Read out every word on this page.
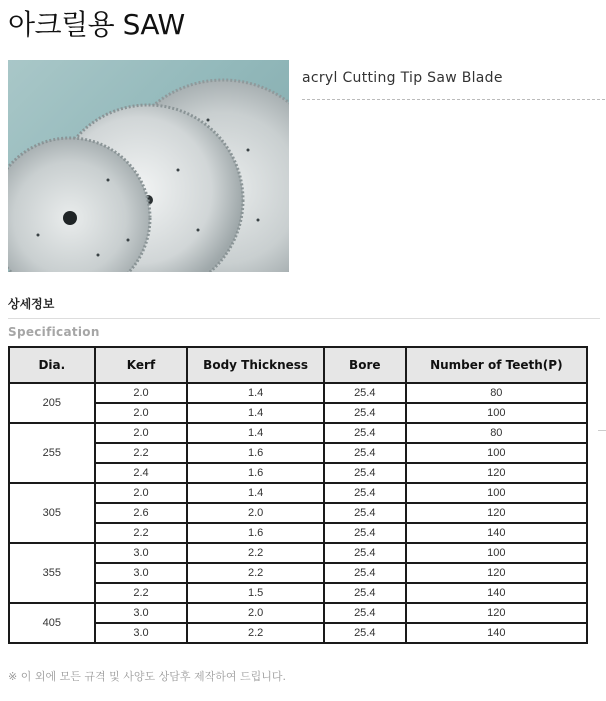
아크릴용 SAW
acryl Cutting Tip Saw Blade
상세정보
Specification
Dia.	Kerf	Body Thickness	Bore	Number of Teeth(P)
205	2.0	1.4	25.4	80
	2.0	1.4	25.4	100
255	2.0	1.4	25.4	80
	2.2	1.6	25.4	100
	2.4	1.6	25.4	120
305	2.0	1.4	25.4	100
	2.6	2.0	25.4	120
	2.2	1.6	25.4	140
355	3.0	2.2	25.4	100
	3.0	2.2	25.4	120
	2.2	1.5	25.4	140
405	3.0	2.0	25.4	120
	3.0	2.2	25.4	140
※ 이 외에 모든 규격 및 사양도 상담후 제작하여 드립니다.
